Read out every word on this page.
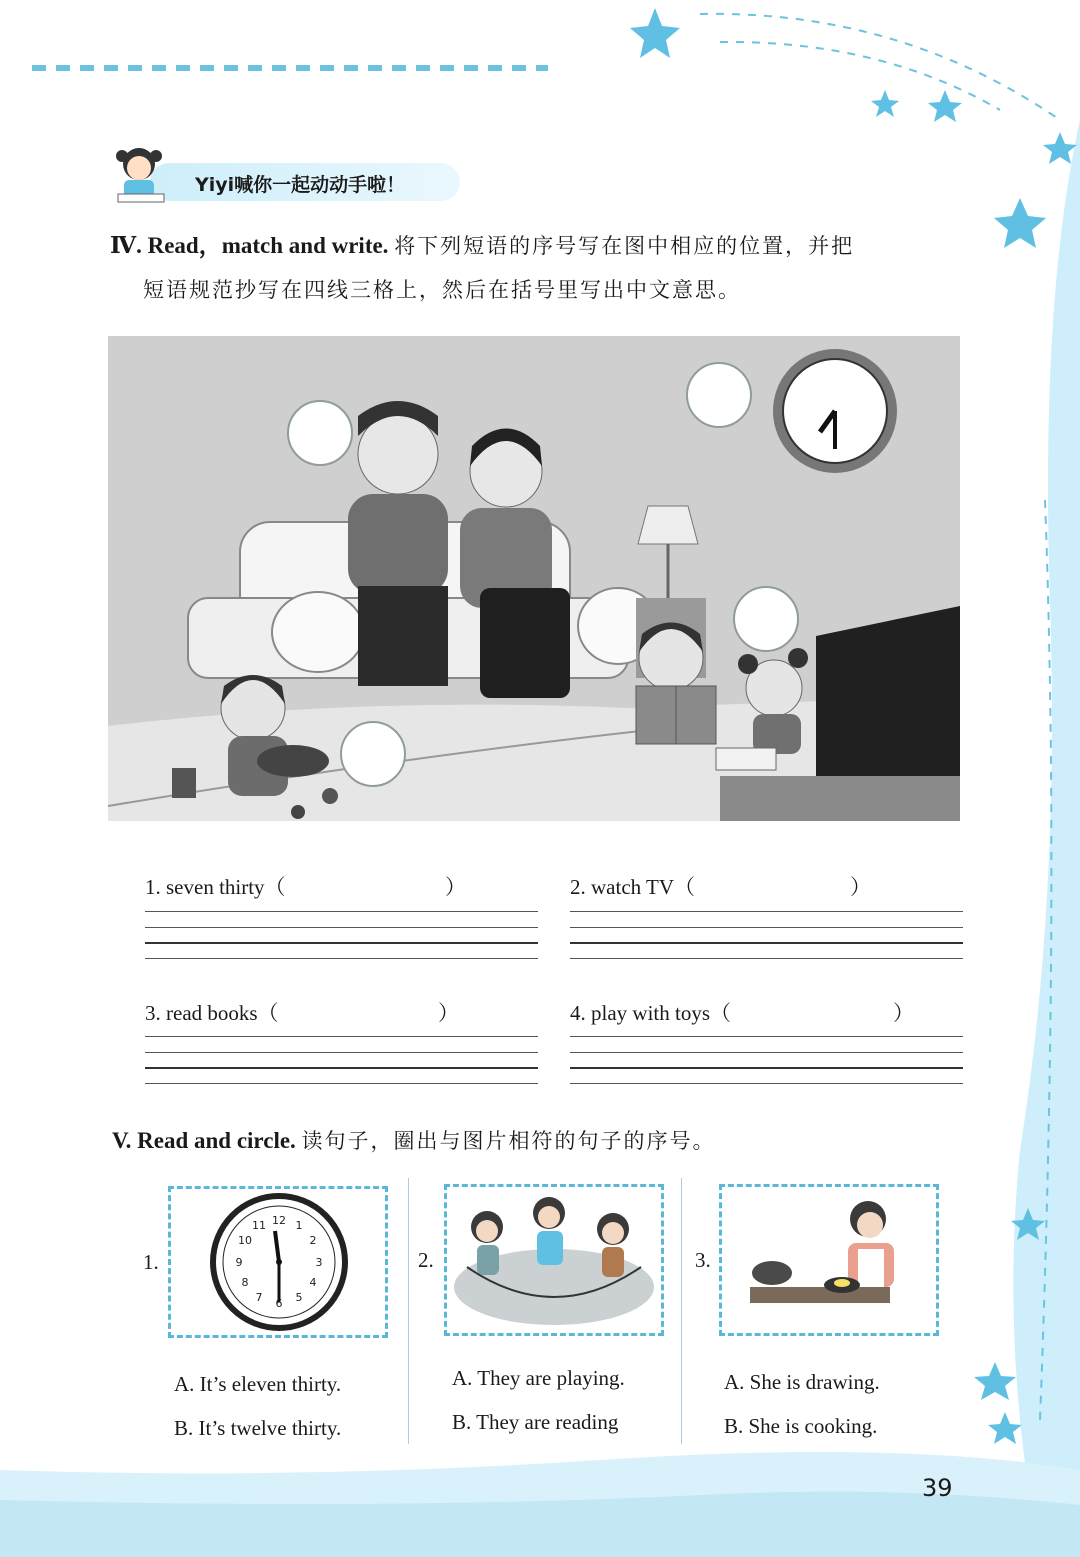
Yiyi喊你一起动动手啦！
Ⅳ. Read，match and write. 将下列短语的序号写在图中相应的位置，并把
短语规范抄写在四线三格上，然后在括号里写出中文意思。
1. seven thirty（	）	2. watch TV（	）
3. read books（	）	4. play with toys（	）
V. Read and circle. 读句子，圈出与图片相符的句子的序号。
1.
12 1
2
3
4
5
6
7
8
9
10
11
A. It’s eleven thirty.
B. It’s twelve thirty.
2.
A. They are playing.
B. They are reading
3.
A. She is drawing.
B. She is cooking.
39
